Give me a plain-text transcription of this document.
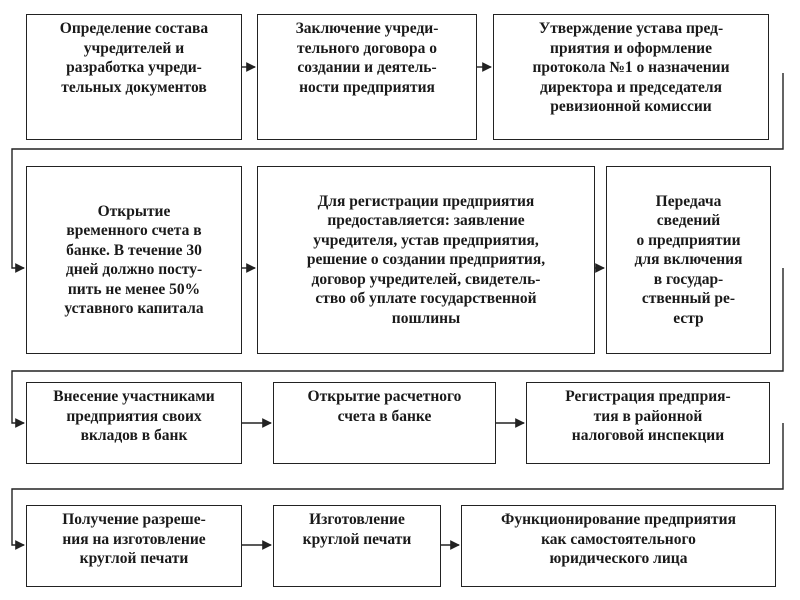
Определение состава
учредителей и
разработка учреди-
тельных документов
Заключение учреди-
тельного договора о
создании и деятель-
ности предприятия
Утверждение устава пред-
приятия и оформление
протокола №1 о назначении
директора и председателя
ревизионной комиссии
Открытие
временного счета в
банке. В течение 30
дней должно посту-
пить не менее 50%
уставного капитала
Для регистрации предприятия
предоставляется: заявление
учредителя, устав предприятия,
решение о создании предприятия,
договор учредителей, свидетель-
ство об уплате государственной
пошлины
Передача
сведений
о предприятии
для включения
в государ-
ственный ре-
естр
Внесение участниками
предприятия своих
вкладов в банк
Открытие расчетного
счета в банке
Регистрация предприя-
тия в районной
налоговой инспекции
Получение разреше-
ния на изготовление
круглой печати
Изготовление
круглой печати
Функционирование предприятия
как самостоятельного
юридического лица
